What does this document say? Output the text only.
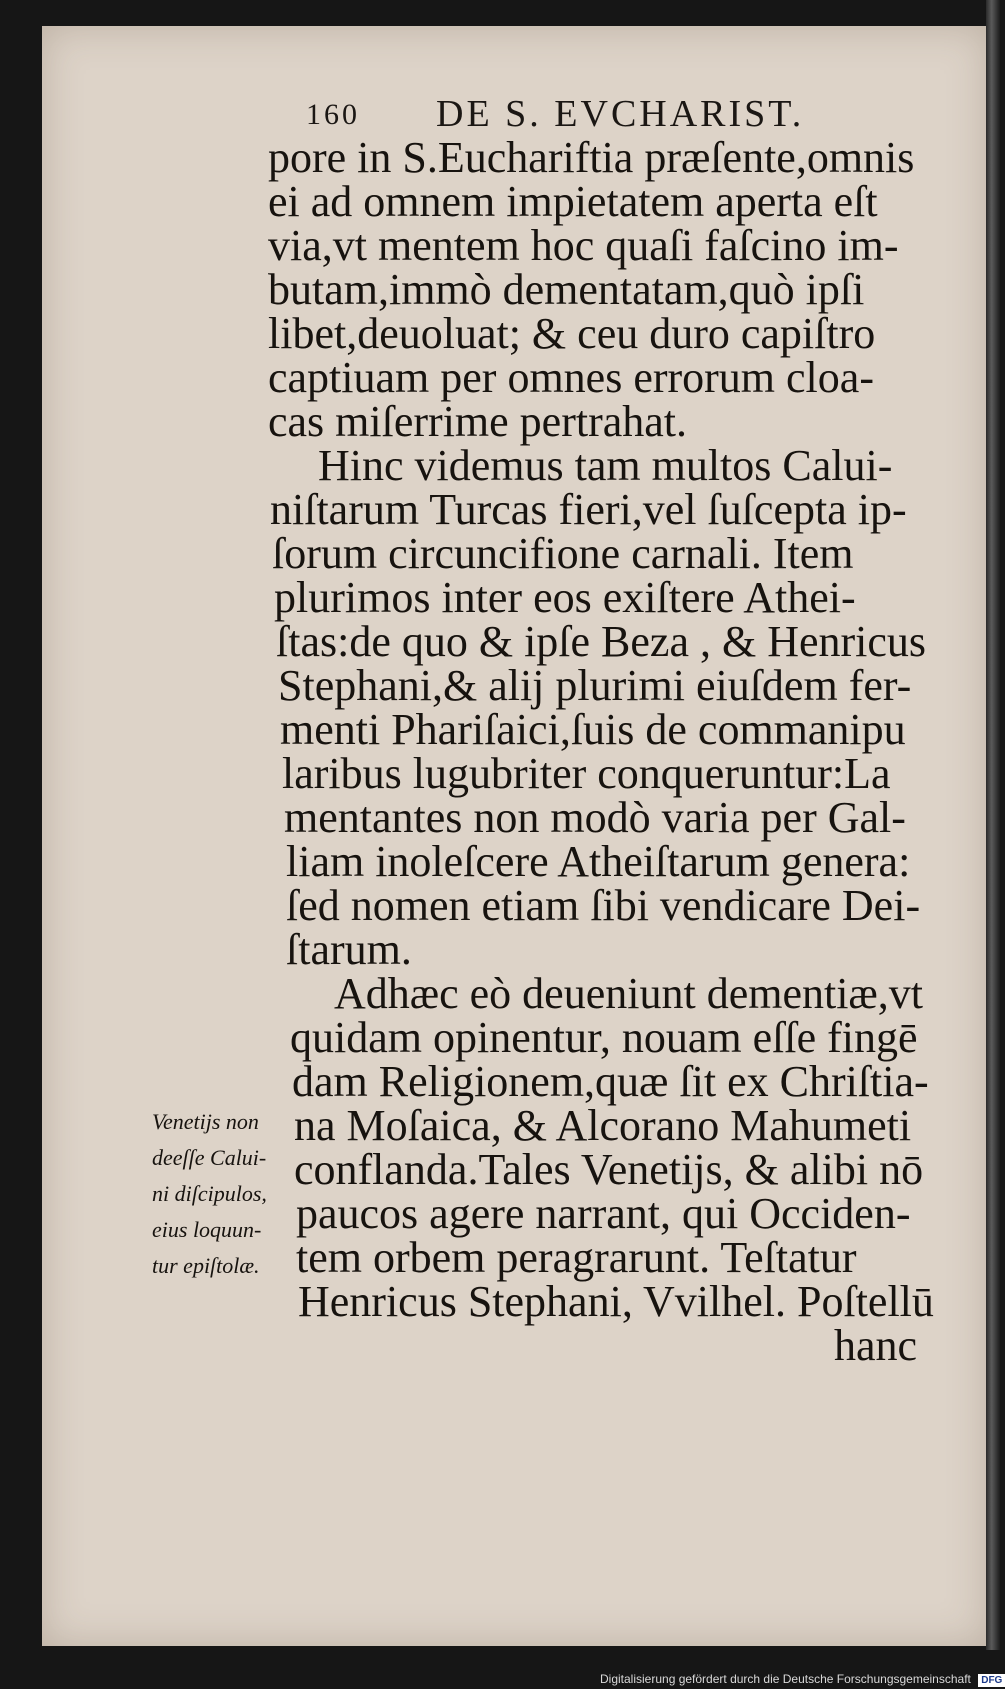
160 DE S. EVCHARIST.
pore in S.Euchariftia præſente,omnis
ei ad omnem impietatem aperta eſt
via,vt mentem hoc quaſi faſcino im-
butam,immò dementatam,quò ipſi
libet,deuoluat; & ceu duro capiſtro
captiuam per omnes errorum cloa-
cas miſerrime pertrahat.
Hinc videmus tam multos Calui-
niſtarum Turcas fieri,vel ſuſcepta ip-
ſorum circuncifione carnali. Item
plurimos inter eos exiſtere Athei-
ſtas:de quo & ipſe Beza , & Henricus
Stephani,& alij plurimi eiuſdem fer-
menti Phariſaici,ſuis de commanipu
laribus lugubriter conqueruntur:La
mentantes non modò varia per Gal-
liam inoleſcere Atheiſtarum genera:
ſed nomen etiam ſibi vendicare Dei-
ſtarum.
Adhæc eò deueniunt dementiæ,vt
quidam opinentur, nouam eſſe fingē
dam Religionem,quæ ſit ex Chriſtia-
na Moſaica, & Alcorano Mahumeti
conflanda.Tales Venetijs, & alibi nō
paucos agere narrant, qui Occiden-
tem orbem peragrarunt. Teſtatur
Henricus Stephani, Vvilhel. Poſtellū
hanc
Venetijs non
deeſſe Calui-
ni diſcipulos,
eius loquun-
tur epiſtolæ.
Digitalisierung gefördert durch die Deutsche Forschungsgemeinschaft DFG
